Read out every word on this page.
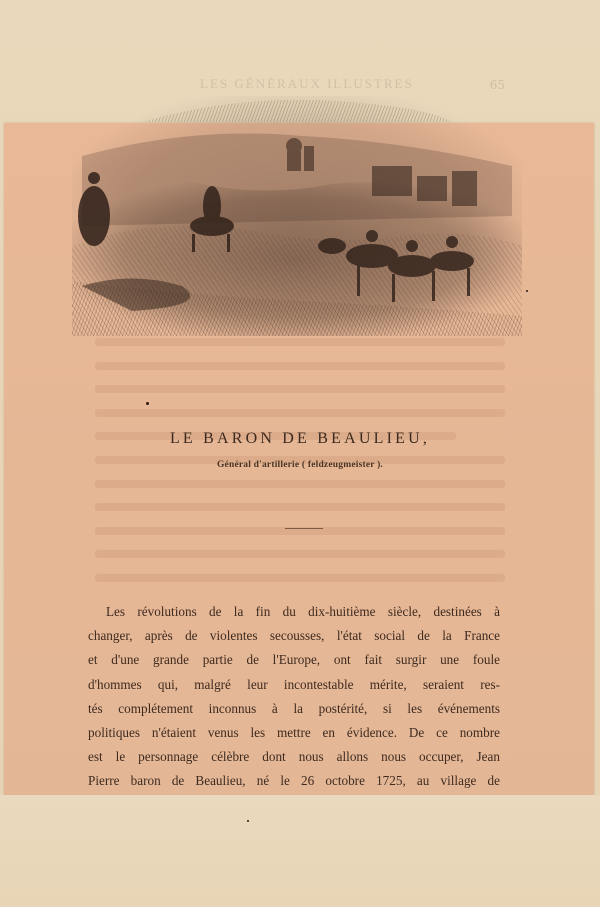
LES GÉNÉRAUX ILLUSTRES	65
LE BARON DE BEAULIEU,
Général d'artillerie ( feldzeugmeister ).
Les révolutions de la fin du dix-huitième siècle, destinées à
changer, après de violentes secousses, l'état social de la France
et d'une grande partie de l'Europe, ont fait surgir une foule
d'hommes qui, malgré leur incontestable mérite, seraient res-
tés complétement inconnus à la postérité, si les événements
politiques n'étaient venus les mettre en évidence. De ce nombre
est le personnage célèbre dont nous allons nous occuper, Jean
Pierre baron de Beaulieu, né le 26 octobre 1725, au village de
